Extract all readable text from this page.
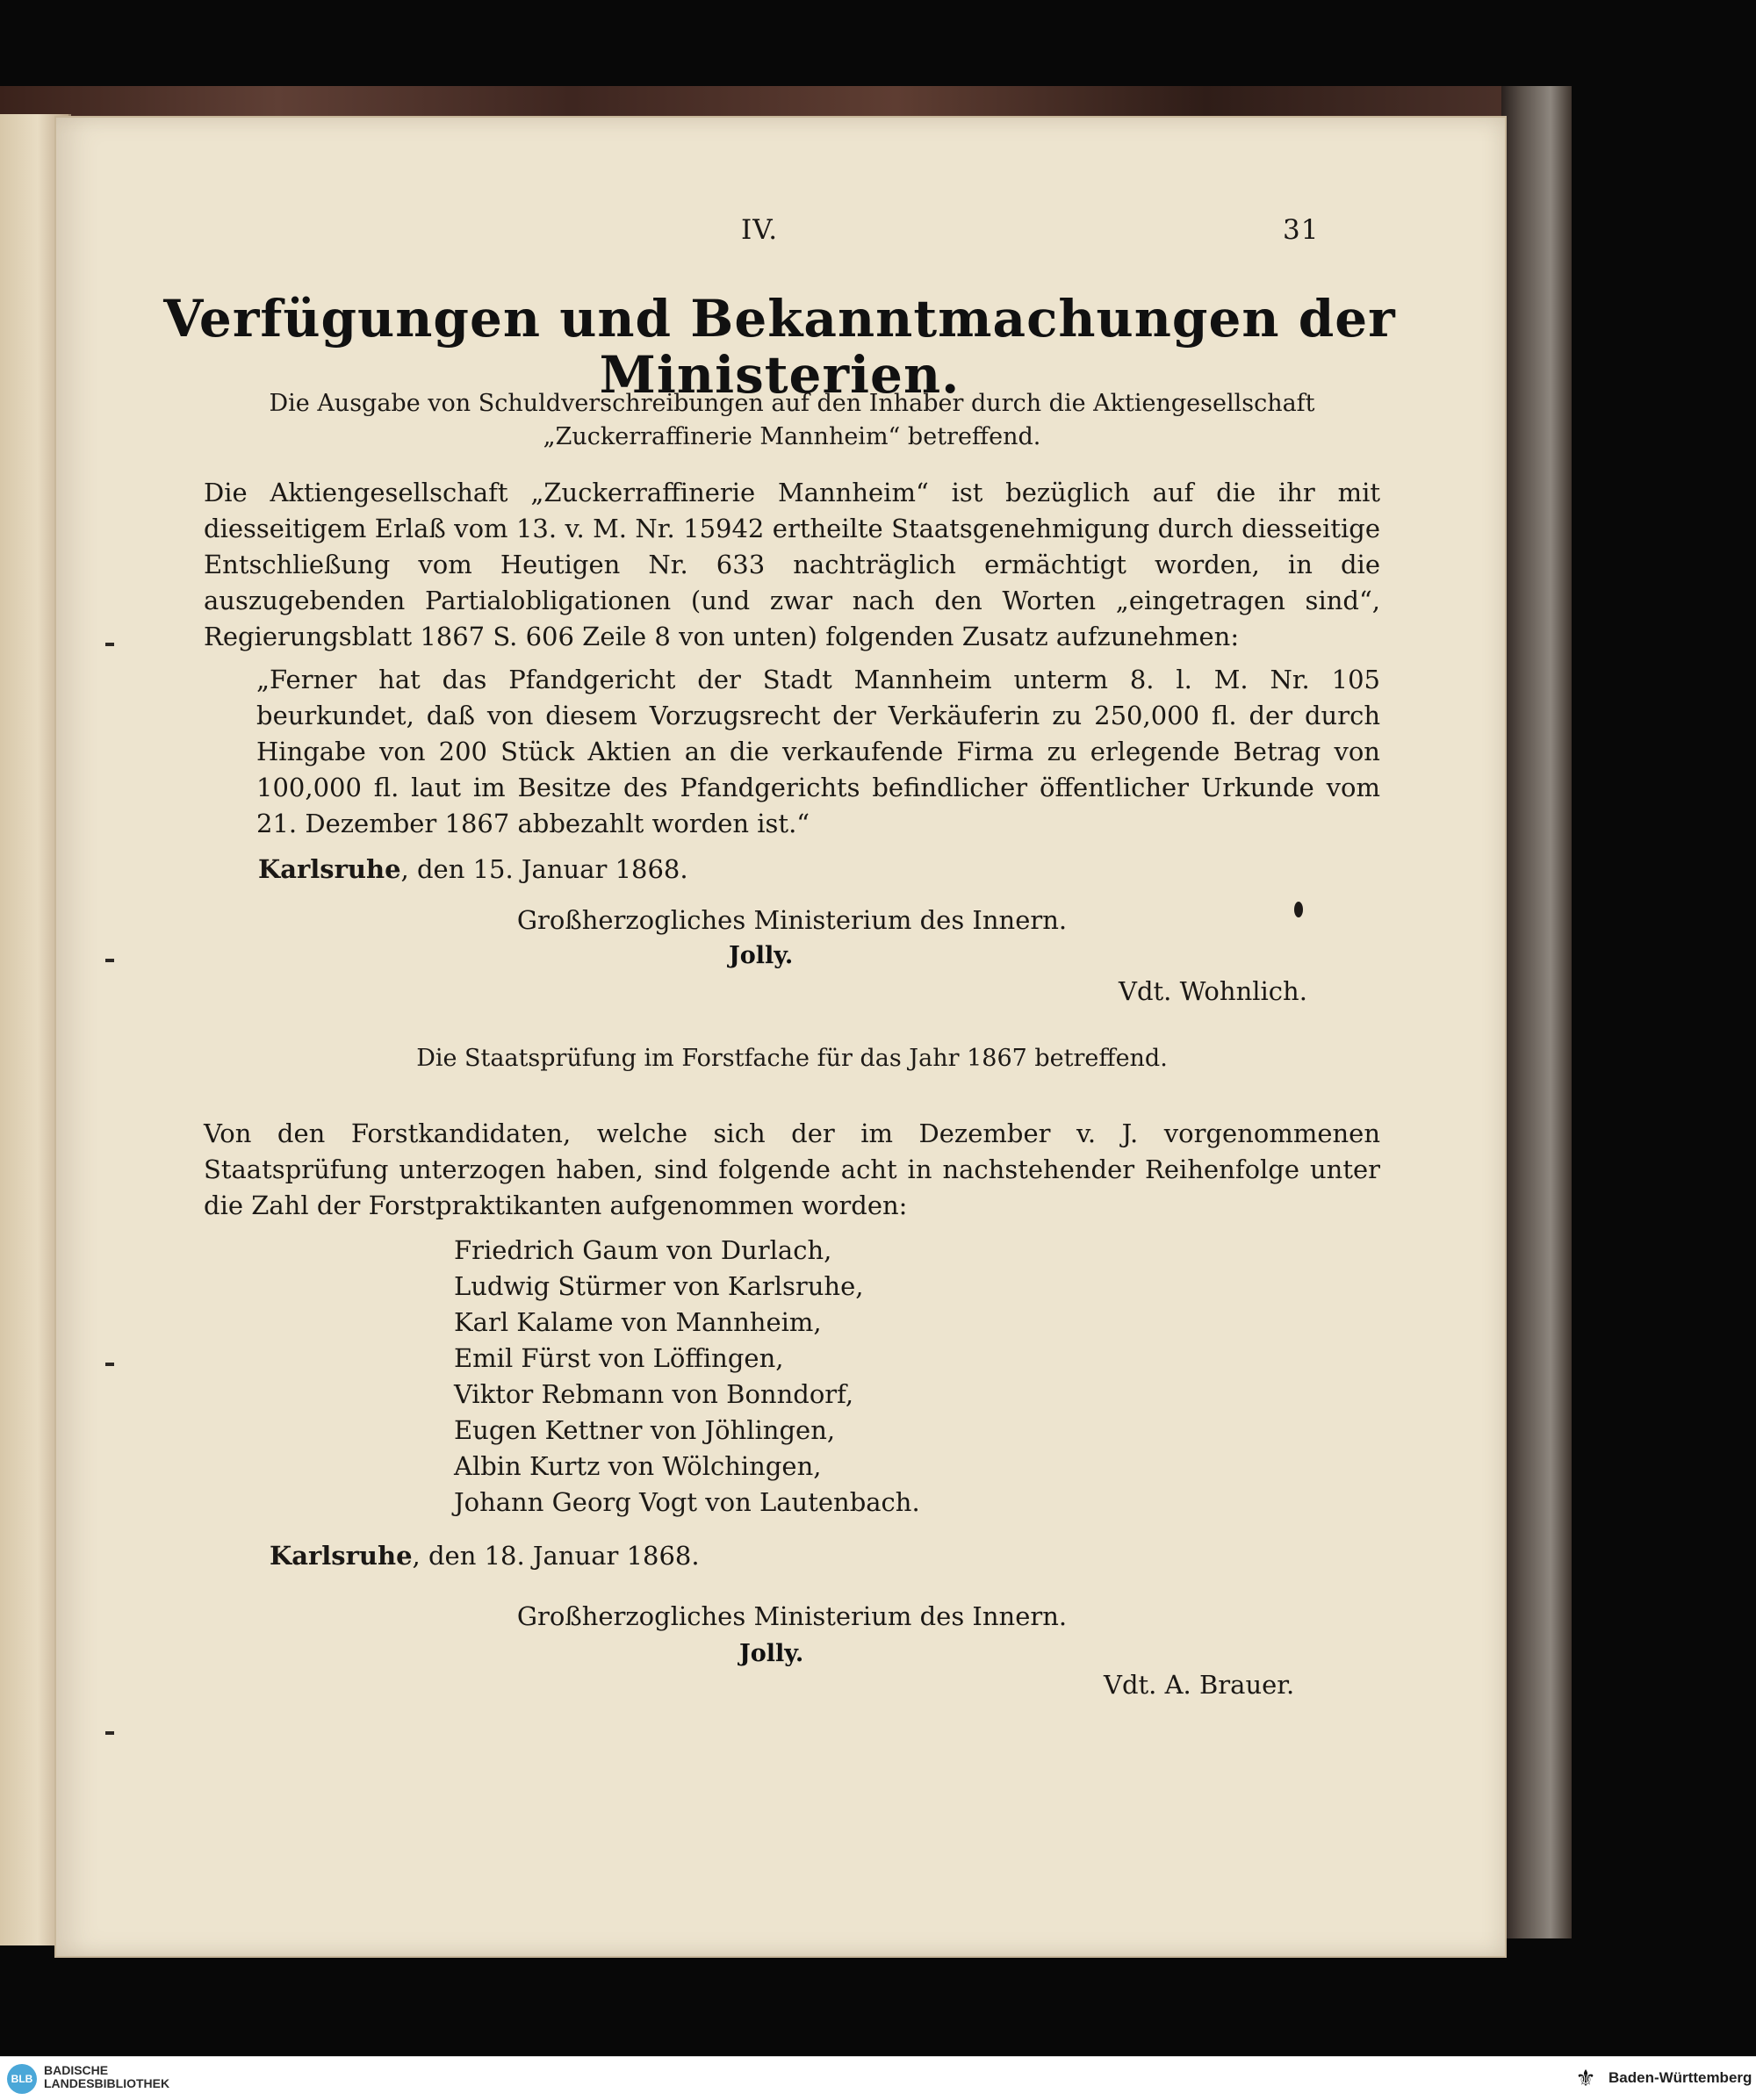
IV.	31
Verfügungen und Bekanntmachungen der Ministerien.
Die Ausgabe von Schuldverschreibungen auf den Inhaber durch die Aktiengesellschaft „Zuckerraffinerie Mannheim“ betreffend.

Die Aktiengesellschaft „Zuckerraffinerie Mannheim“ ist bezüglich auf die ihr mit diesseitigem Erlaß vom 13. v. M. Nr. 15942 ertheilte Staatsgenehmigung durch diesseitige Entschließung vom Heutigen Nr. 633 nachträglich ermächtigt worden, in die auszugebenden Partialobligationen (und zwar nach den Worten „eingetragen sind“, Regierungsblatt 1867 S. 606 Zeile 8 von unten) folgenden Zusatz aufzunehmen:

„Ferner hat das Pfandgericht der Stadt Mannheim unterm 8. l. M. Nr. 105 beurkundet, daß von diesem Vorzugsrecht der Verkäuferin zu 250,000 fl. der durch Hingabe von 200 Stück Aktien an die verkaufende Firma zu erlegende Betrag von 100,000 fl. laut im Besitze des Pfandgerichts befindlicher öffentlicher Urkunde vom 21. Dezember 1867 abbezahlt worden ist.“

Karlsruhe, den 15. Januar 1868.
Großherzogliches Ministerium des Innern.
Jolly.
Vdt. Wohnlich.
Die Staatsprüfung im Forstfache für das Jahr 1867 betreffend.

Von den Forstkandidaten, welche sich der im Dezember v. J. vorgenommenen Staatsprüfung unterzogen haben, sind folgende acht in nachstehender Reihenfolge unter die Zahl der Forstpraktikanten aufgenommen worden:

Friedrich Gaum von Durlach,
Ludwig Stürmer von Karlsruhe,
Karl Kalame von Mannheim,
Emil Fürst von Löffingen,
Viktor Rebmann von Bonndorf,
Eugen Kettner von Jöhlingen,
Albin Kurtz von Wölchingen,
Johann Georg Vogt von Lautenbach.
Karlsruhe, den 18. Januar 1868.
Großherzogliches Ministerium des Innern.
Jolly.
Vdt. A. Brauer.
BLB
BADISCHE
LANDESBIBLIOTHEK	⚜ Baden-Württemberg
